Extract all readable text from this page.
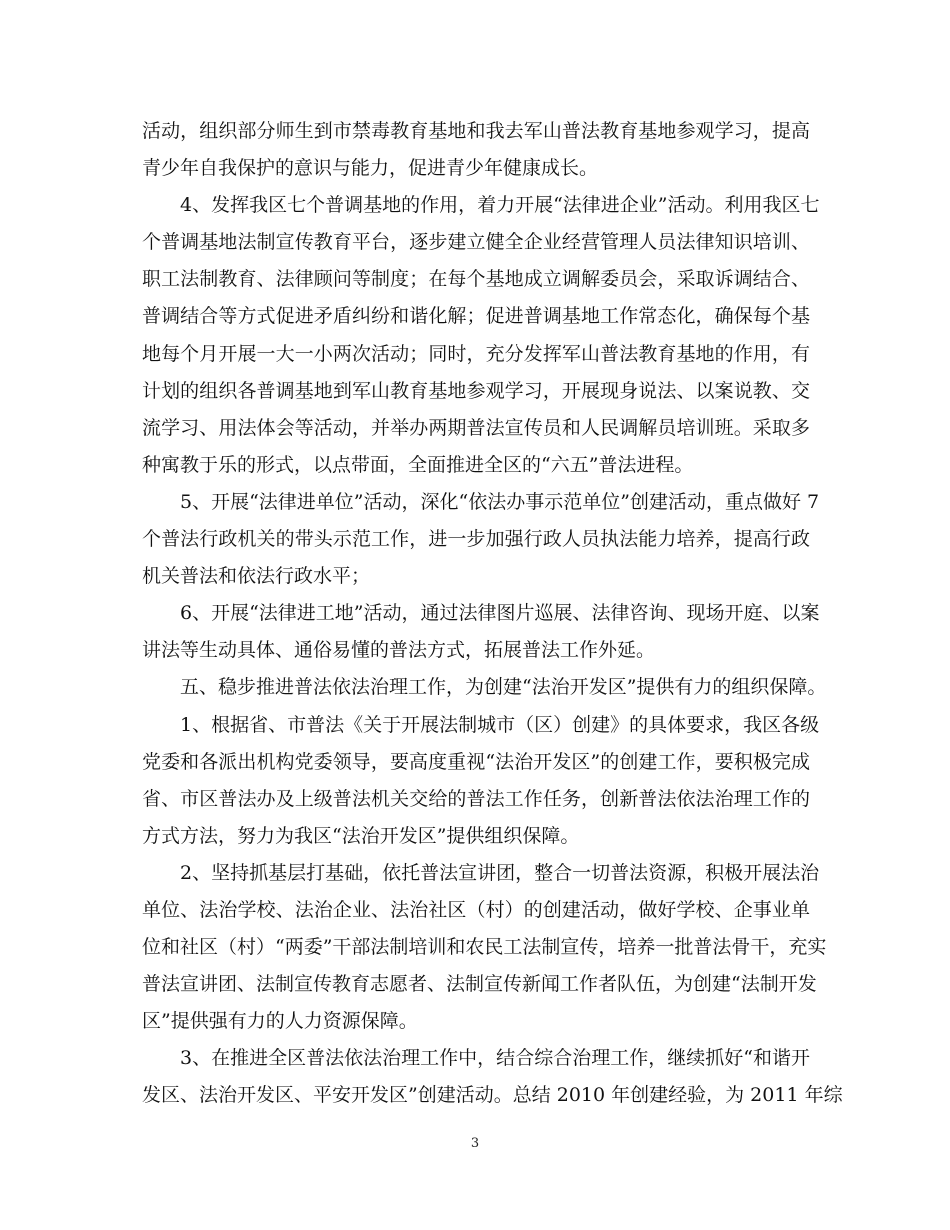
活动，组织部分师生到市禁毒教育基地和我去军山普法教育基地参观学习，提高
青少年自我保护的意识与能力，促进青少年健康成长。
4、发挥我区七个普调基地的作用，着力开展“法律进企业”活动。利用我区七
个普调基地法制宣传教育平台，逐步建立健全企业经营管理人员法律知识培训、
职工法制教育、法律顾问等制度；在每个基地成立调解委员会，采取诉调结合、
普调结合等方式促进矛盾纠纷和谐化解；促进普调基地工作常态化，确保每个基
地每个月开展一大一小两次活动；同时，充分发挥军山普法教育基地的作用，有
计划的组织各普调基地到军山教育基地参观学习，开展现身说法、以案说教、交
流学习、用法体会等活动，并举办两期普法宣传员和人民调解员培训班。采取多
种寓教于乐的形式，以点带面，全面推进全区的“六五”普法进程。
5、开展“法律进单位”活动，深化“依法办事示范单位”创建活动，重点做好 7
个普法行政机关的带头示范工作，进一步加强行政人员执法能力培养，提高行政
机关普法和依法行政水平；
6、开展“法律进工地”活动，通过法律图片巡展、法律咨询、现场开庭、以案
讲法等生动具体、通俗易懂的普法方式，拓展普法工作外延。
五、稳步推进普法依法治理工作，为创建“法治开发区”提供有力的组织保障。
1、根据省、市普法《关于开展法制城市（区）创建》的具体要求，我区各级
党委和各派出机构党委领导，要高度重视“法治开发区”的创建工作，要积极完成
省、市区普法办及上级普法机关交给的普法工作任务，创新普法依法治理工作的
方式方法，努力为我区“法治开发区”提供组织保障。
2、坚持抓基层打基础，依托普法宣讲团，整合一切普法资源，积极开展法治
单位、法治学校、法治企业、法治社区（村）的创建活动，做好学校、企事业单
位和社区（村）“两委”干部法制培训和农民工法制宣传，培养一批普法骨干，充实
普法宣讲团、法制宣传教育志愿者、法制宣传新闻工作者队伍，为创建“法制开发
区”提供强有力的人力资源保障。
3、在推进全区普法依法治理工作中，结合综合治理工作，继续抓好“和谐开
发区、法治开发区、平安开发区”创建活动。总结 2010 年创建经验，为 2011 年综
3
